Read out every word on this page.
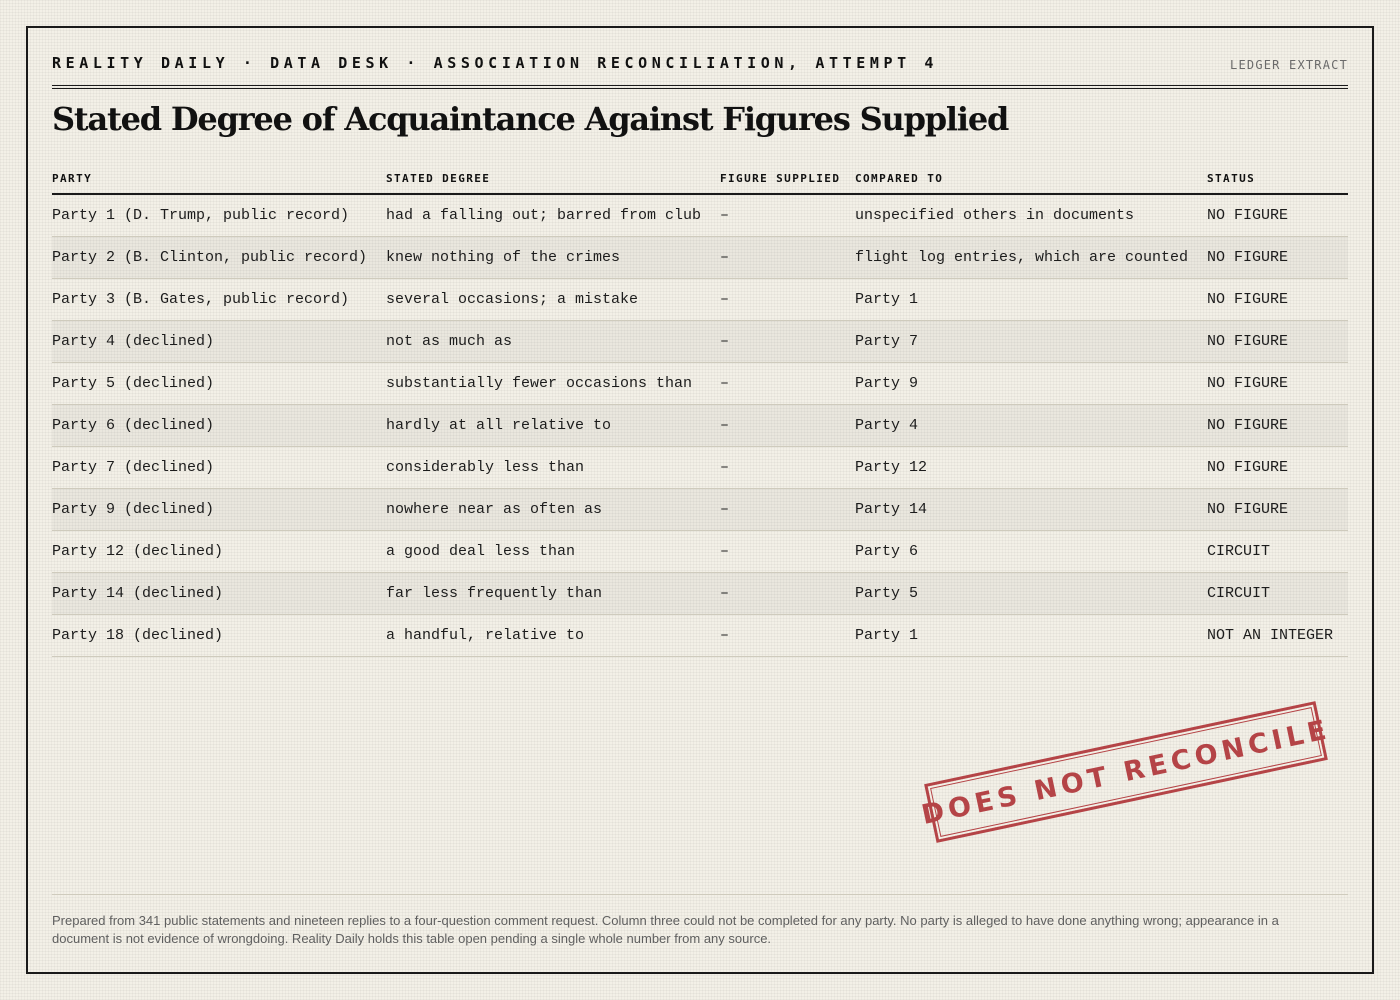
REALITY DAILY · DATA DESK · ASSOCIATION RECONCILIATION, ATTEMPT 4	LEDGER EXTRACT
Stated Degree of Acquaintance Against Figures Supplied
PARTY	STATED DEGREE	FIGURE SUPPLIED	COMPARED TO	STATUS
Party 1 (D. Trump, public record)	had a falling out; barred from club	–	unspecified others in documents	NO FIGURE
Party 2 (B. Clinton, public record)	knew nothing of the crimes	–	flight log entries, which are counted	NO FIGURE
Party 3 (B. Gates, public record)	several occasions; a mistake	–	Party 1	NO FIGURE
Party 4 (declined)	not as much as	–	Party 7	NO FIGURE
Party 5 (declined)	substantially fewer occasions than	–	Party 9	NO FIGURE
Party 6 (declined)	hardly at all relative to	–	Party 4	NO FIGURE
Party 7 (declined)	considerably less than	–	Party 12	NO FIGURE
Party 9 (declined)	nowhere near as often as	–	Party 14	NO FIGURE
Party 12 (declined)	a good deal less than	–	Party 6	CIRCUIT
Party 14 (declined)	far less frequently than	–	Party 5	CIRCUIT
Party 18 (declined)	a handful, relative to	–	Party 1	NOT AN INTEGER
DOES NOT RECONCILE

Prepared from 341 public statements and nineteen replies to a four-question comment request. Column three could not be completed for any party. No party is alleged to have done anything wrong; appearance in a document is not evidence of wrongdoing. Reality Daily holds this table open pending a single whole number from any source.
